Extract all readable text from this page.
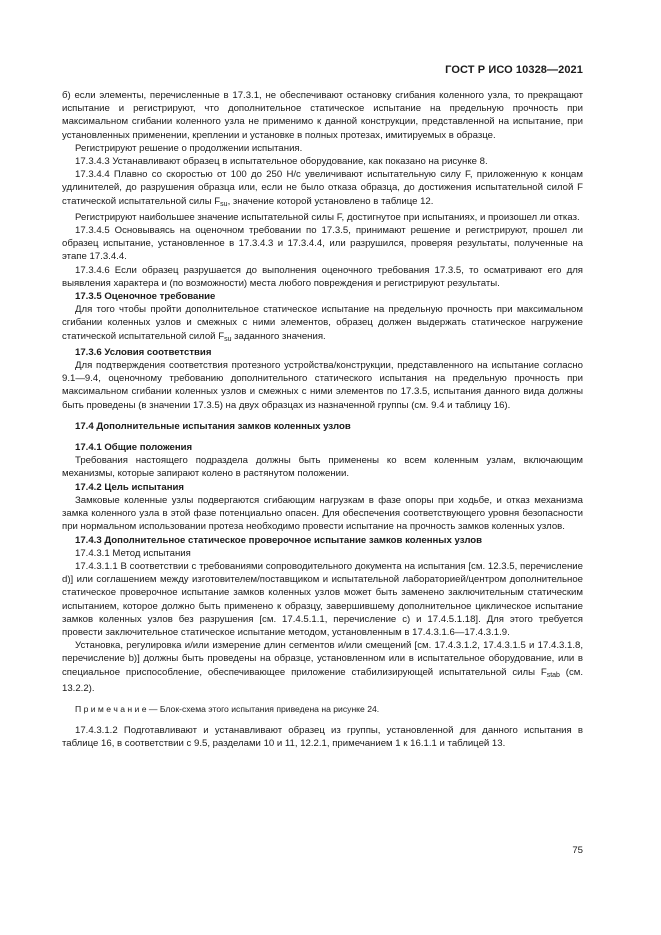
ГОСТ Р ИСО 10328—2021
б) если элементы, перечисленные в 17.3.1, не обеспечивают остановку сгибания коленного узла, то прекращают испытание и регистрируют, что дополнительное статическое испытание на предельную прочность при максимальном сгибании коленного узла не применимо к данной конструкции, представленной на испытание, при установленных применении, креплении и установке в полных протезах, имитируемых в образце.
Регистрируют решение о продолжении испытания.
17.3.4.3 Устанавливают образец в испытательное оборудование, как показано на рисунке 8.
17.3.4.4 Плавно со скоростью от 100 до 250 Н/с увеличивают испытательную силу F, приложенную к концам удлинителей, до разрушения образца или, если не было отказа образца, до достижения испытательной силой F статической испытательной силы $F_{su}$, значение которой установлено в таблице 12.
Регистрируют наибольшее значение испытательной силы F, достигнутое при испытаниях, и произошел ли отказ.
17.3.4.5 Основываясь на оценочном требовании по 17.3.5, принимают решение и регистрируют, прошел ли образец испытание, установленное в 17.3.4.3 и 17.3.4.4, или разрушился, проверяя результаты, полученные на этапе 17.3.4.4.
17.3.4.6 Если образец разрушается до выполнения оценочного требования 17.3.5, то осматривают его для выявления характера и (по возможности) места любого повреждения и регистрируют результаты.
17.3.5 Оценочное требование
Для того чтобы пройти дополнительное статическое испытание на предельную прочность при максимальном сгибании коленных узлов и смежных с ними элементов, образец должен выдержать статическое нагружение статической испытательной силой $F_{su}$ заданного значения.
17.3.6 Условия соответствия
Для подтверждения соответствия протезного устройства/конструкции, представленного на испытание согласно 9.1—9.4, оценочному требованию дополнительного статического испытания на предельную прочность при максимальном сгибании коленных узлов и смежных с ними элементов по 17.3.5, испытания данного вида должны быть проведены (в значении 17.3.5) на двух образцах из назначенной группы (см. 9.4 и таблицу 16).
17.4 Дополнительные испытания замков коленных узлов
17.4.1 Общие положения
Требования настоящего подраздела должны быть применены ко всем коленным узлам, включающим механизмы, которые запирают колено в растянутом положении.
17.4.2 Цель испытания
Замковые коленные узлы подвергаются сгибающим нагрузкам в фазе опоры при ходьбе, и отказ механизма замка коленного узла в этой фазе потенциально опасен. Для обеспечения соответствующего уровня безопасности при нормальном использовании протеза необходимо провести испытание на прочность замков коленных узлов.
17.4.3 Дополнительное статическое проверочное испытание замков коленных узлов
17.4.3.1 Метод испытания
17.4.3.1.1 В соответствии с требованиями сопроводительного документа на испытания [см. 12.3.5, перечисление d)] или соглашением между изготовителем/поставщиком и испытательной лабораторией/центром дополнительное статическое проверочное испытание замков коленных узлов может быть заменено заключительным статическим испытанием, которое должно быть применено к образцу, завершившему дополнительное циклическое испытание замков коленных узлов без разрушения [см. 17.4.5.1.1, перечисление с) и 17.4.5.1.18]. Для этого требуется провести заключительное статическое испытание методом, установленным в 17.4.3.1.6—17.4.3.1.9.
Установка, регулировка и/или измерение длин сегментов и/или смещений [см. 17.4.3.1.2, 17.4.3.1.5 и 17.4.3.1.8, перечисление b)] должны быть проведены на образце, установленном или в испытательное оборудование, или в специальное приспособление, обеспечивающее приложение стабилизирующей испытательной силы $F_{stab}$ (см. 13.2.2).
П р и м е ч а н и е — Блок-схема этого испытания приведена на рисунке 24.
17.4.3.1.2 Подготавливают и устанавливают образец из группы, установленной для данного испытания в таблице 16, в соответствии с 9.5, разделами 10 и 11, 12.2.1, примечанием 1 к 16.1.1 и таблицей 13.
75
